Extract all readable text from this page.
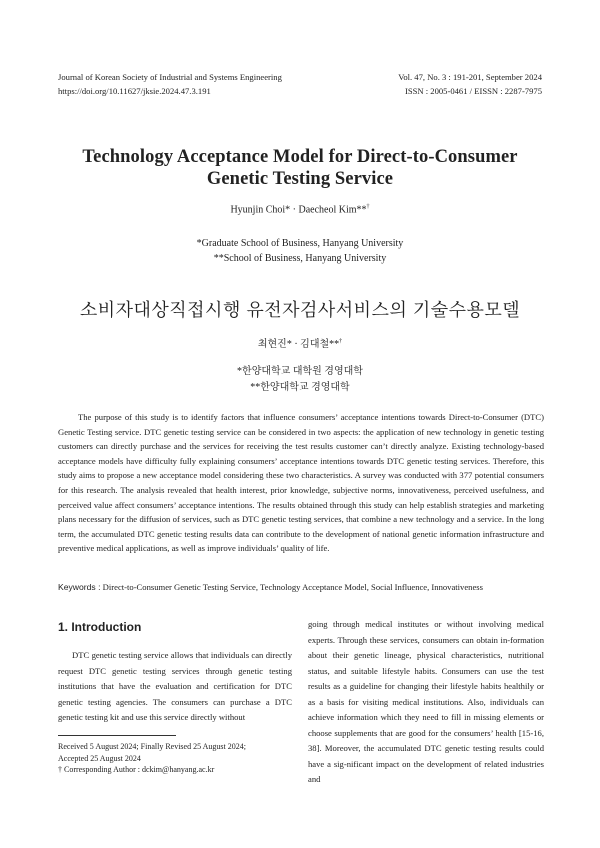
Journal of Korean Society of Industrial and Systems Engineering
https://doi.org/10.11627/jksie.2024.47.3.191
Vol. 47, No. 3 : 191-201, September 2024
ISSN : 2005-0461 / EISSN : 2287-7975
Technology Acceptance Model for Direct-to-Consumer
Genetic Testing Service
Hyunjin Choi* · Daecheol Kim**†
*Graduate School of Business, Hanyang University
**School of Business, Hanyang University
소비자대상직접시행 유전자검사서비스의 기술수용모델
최현진* · 김대철**†
*한양대학교 대학원 경영대학
**한양대학교 경영대학

The purpose of this study is to identify factors that influence consumers’ acceptance intentions towards Direct-to-Consumer (DTC) Genetic Testing service. DTC genetic testing service can be considered in two aspects: the application of new technology in genetic testing customers can directly purchase and the services for receiving the test results customer can’t directly analyze. Existing technology-based acceptance models have difficulty fully explaining consumers’ acceptance intentions towards DTC genetic testing services. Therefore, this study aims to propose a new acceptance model considering these two characteristics. A survey was conducted with 377 potential consumers for this research. The analysis revealed that health interest, prior knowledge, subjective norms, innovativeness, perceived usefulness, and perceived value affect consumers’ acceptance intentions. The results obtained through this study can help establish strategies and marketing plans necessary for the diffusion of services, such as DTC genetic testing services, that combine a new technology and a service. In the long term, the accumulated DTC genetic testing results data can contribute to the development of national genetic information infrastructure and preventive medical applications, as well as improve individuals’ quality of life.

Keywords : Direct-to-Consumer Genetic Testing Service, Technology Acceptance Model, Social Influence, Innovativeness
1. Introduction

DTC genetic testing service allows that individuals can directly request DTC genetic testing services through genetic testing institutions that have the evaluation and certification for DTC genetic testing agencies. The consumers can purchase a DTC genetic testing kit and use this service directly without

going through medical institutes or without involving medical experts. Through these services, consumers can obtain in-formation about their genetic lineage, physical characteristics, nutritional status, and suitable lifestyle habits. Consumers can use the test results as a guideline for changing their lifestyle habits healthily or as a basis for visiting medical institutions. Also, individuals can achieve information which they need to fill in missing elements or choose supplements that are good for the consumers’ health [15-16, 38]. Moreover, the accumulated DTC genetic testing results could have a sig-nificant impact on the development of related industries and

Received 5 August 2024; Finally Revised 25 August 2024;
Accepted 25 August 2024
† Corresponding Author : dckim@hanyang.ac.kr
